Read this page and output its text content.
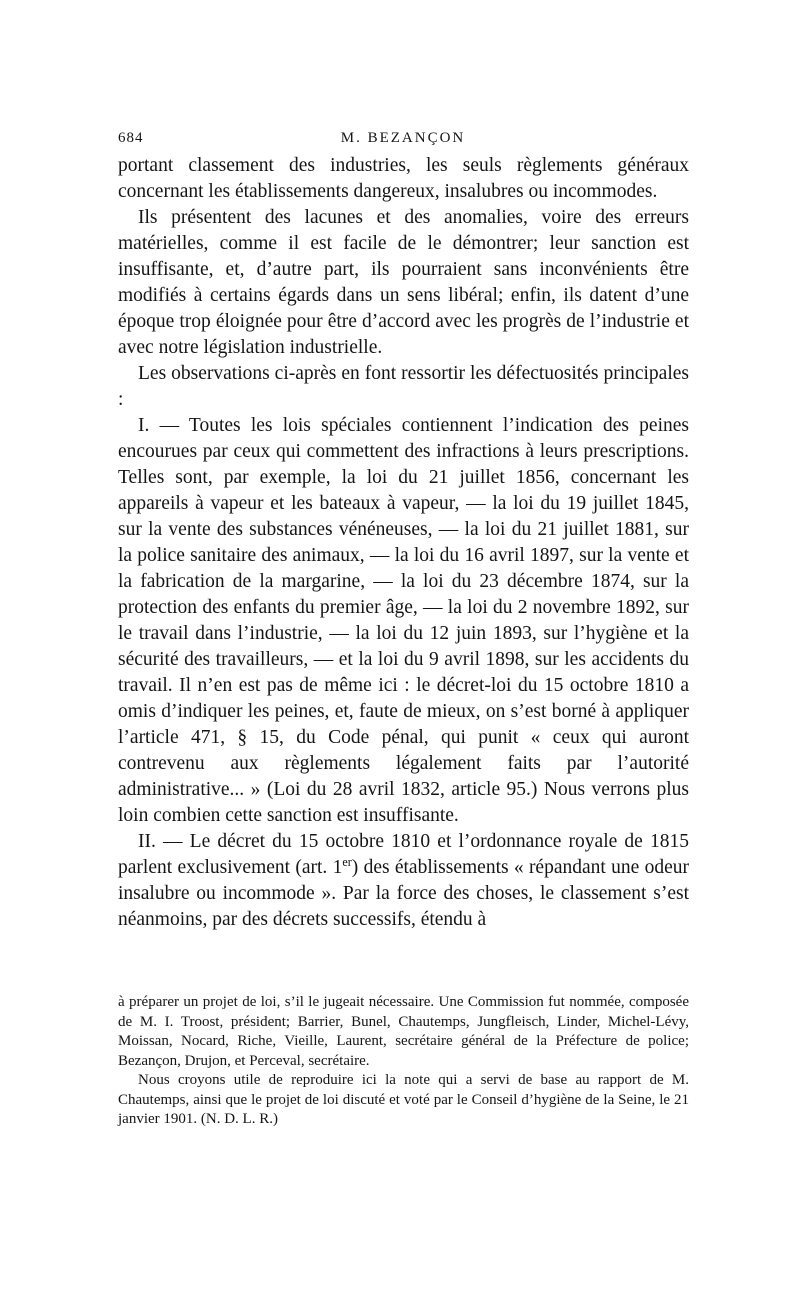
684	M. BEZANÇON

portant classement des industries, les seuls règlements généraux concernant les établissements dangereux, insalubres ou incommodes.

Ils présentent des lacunes et des anomalies, voire des erreurs matérielles, comme il est facile de le démontrer; leur sanction est insuffisante, et, d’autre part, ils pourraient sans inconvénients être modifiés à certains égards dans un sens libéral; enfin, ils datent d’une époque trop éloignée pour être d’accord avec les progrès de l’industrie et avec notre législation industrielle.

Les observations ci-après en font ressortir les défectuosités principales :

I. — Toutes les lois spéciales contiennent l’indication des peines encourues par ceux qui commettent des infractions à leurs prescriptions. Telles sont, par exemple, la loi du 21 juillet 1856, concernant les appareils à vapeur et les bateaux à vapeur, — la loi du 19 juillet 1845, sur la vente des substances vénéneuses, — la loi du 21 juillet 1881, sur la police sanitaire des animaux, — la loi du 16 avril 1897, sur la vente et la fabrication de la margarine, — la loi du 23 décembre 1874, sur la protection des enfants du premier âge, — la loi du 2 novembre 1892, sur le travail dans l’industrie, — la loi du 12 juin 1893, sur l’hygiène et la sécurité des travailleurs, — et la loi du 9 avril 1898, sur les accidents du travail. Il n’en est pas de même ici : le décret-loi du 15 octobre 1810 a omis d’indiquer les peines, et, faute de mieux, on s’est borné à appliquer l’article 471, § 15, du Code pénal, qui punit « ceux qui auront contrevenu aux règlements légalement faits par l’autorité administrative... » (Loi du 28 avril 1832, article 95.) Nous verrons plus loin combien cette sanction est insuffisante.

II. — Le décret du 15 octobre 1810 et l’ordonnance royale de 1815 parlent exclusivement (art. 1er) des établissements « répandant une odeur insalubre ou incommode ». Par la force des choses, le classement s’est néanmoins, par des décrets successifs, étendu à

à préparer un projet de loi, s’il le jugeait nécessaire. Une Commission fut nommée, composée de M. I. Troost, président; Barrier, Bunel, Chautemps, Jungfleisch, Linder, Michel-Lévy, Moissan, Nocard, Riche, Vieille, Laurent, secrétaire général de la Préfecture de police; Bezançon, Drujon, et Perceval, secrétaire.

Nous croyons utile de reproduire ici la note qui a servi de base au rapport de M. Chautemps, ainsi que le projet de loi discuté et voté par le Conseil d’hygiène de la Seine, le 21 janvier 1901. (N. D. L. R.)
